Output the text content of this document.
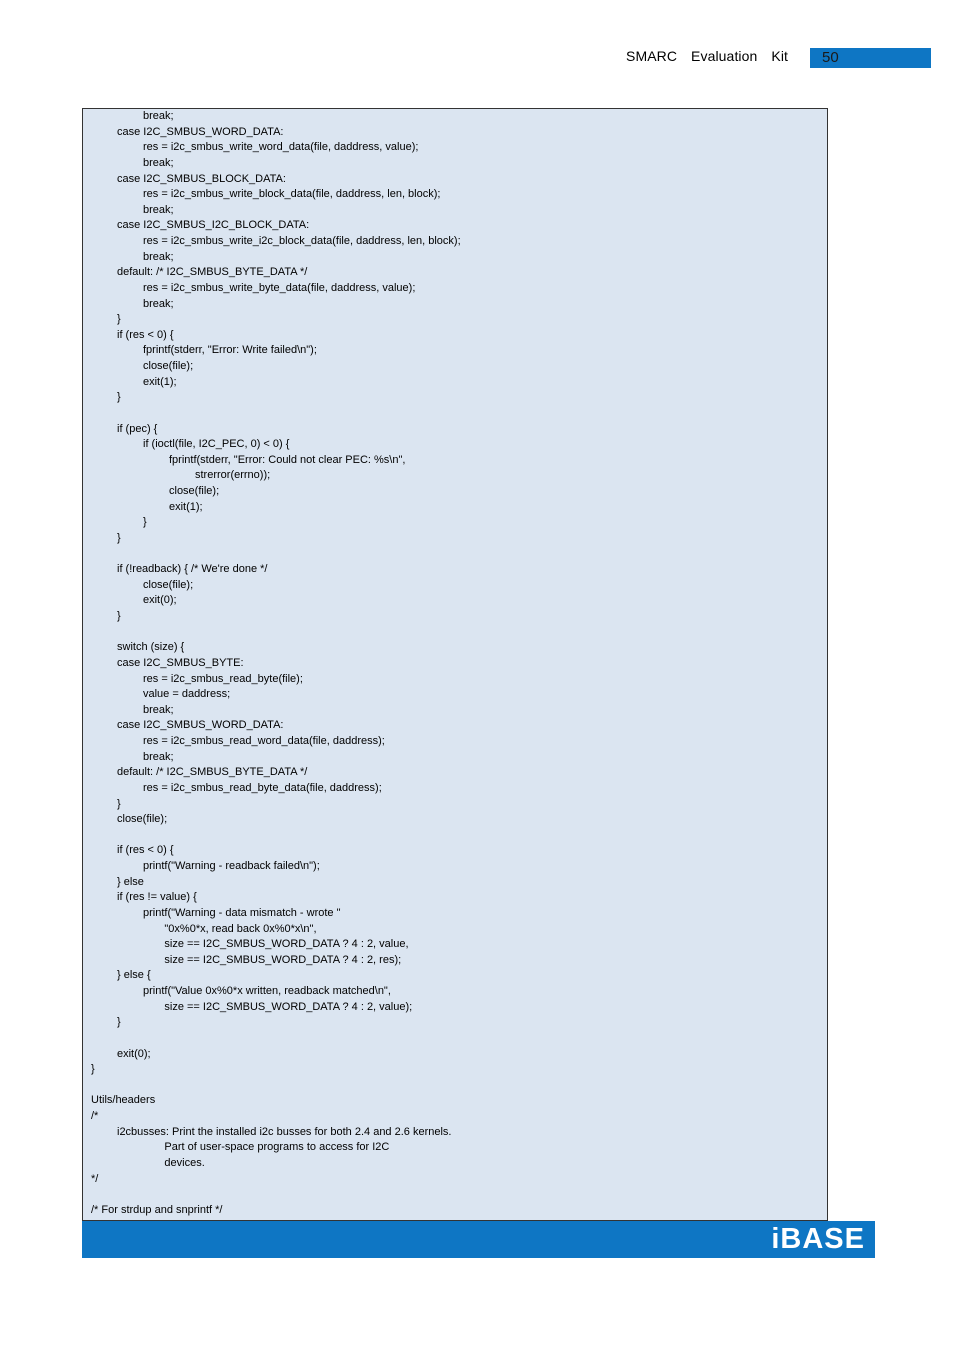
SMARC  Evaluation  Kit	50
		break;
	case I2C_SMBUS_WORD_DATA:
		res = i2c_smbus_write_word_data(file, daddress, value);
		break;
	case I2C_SMBUS_BLOCK_DATA:
		res = i2c_smbus_write_block_data(file, daddress, len, block);
		break;
	case I2C_SMBUS_I2C_BLOCK_DATA:
		res = i2c_smbus_write_i2c_block_data(file, daddress, len, block);
		break;
	default: /* I2C_SMBUS_BYTE_DATA */
		res = i2c_smbus_write_byte_data(file, daddress, value);
		break;
	}
	if (res < 0) {
		fprintf(stderr, "Error: Write failed\n");
		close(file);
		exit(1);
	}
	if (pec) {
		if (ioctl(file, I2C_PEC, 0) < 0) {
			fprintf(stderr, "Error: Could not clear PEC: %s\n",
				strerror(errno));
			close(file);
			exit(1);
		}
	}
	if (!readback) { /* We're done */
		close(file);
		exit(0);
	}
	switch (size) {
	case I2C_SMBUS_BYTE:
		res = i2c_smbus_read_byte(file);
		value = daddress;
		break;
	case I2C_SMBUS_WORD_DATA:
		res = i2c_smbus_read_word_data(file, daddress);
		break;
	default: /* I2C_SMBUS_BYTE_DATA */
		res = i2c_smbus_read_byte_data(file, daddress);
	}
	close(file);
	if (res < 0) {
		printf("Warning - readback failed\n");
	} else
	if (res != value) {
		printf("Warning - data mismatch - wrote "
		"0x%0*x, read back 0x%0*x\n",
		size == I2C_SMBUS_WORD_DATA ? 4 : 2, value,
		size == I2C_SMBUS_WORD_DATA ? 4 : 2, res);
	} else {
		printf("Value 0x%0*x written, readback matched\n",
		size == I2C_SMBUS_WORD_DATA ? 4 : 2, value);
	}
	exit(0);
}
Utils/headers
/*
	i2cbusses: Print the installed i2c busses for both 2.4 and 2.6 kernels.
		Part of user-space programs to access for I2C
		devices.
*/
/* For strdup and snprintf */
iBASE
